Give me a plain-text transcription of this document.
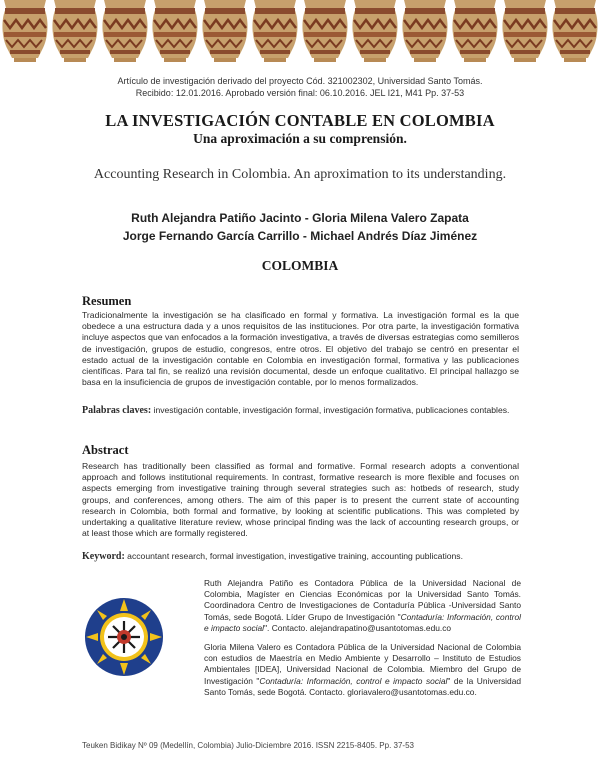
Artículo de investigación derivado del proyecto Cód. 321002302, Universidad Santo Tomás.
Recibido: 12.01.2016. Aprobado versión final: 06.10.2016. JEL I21, M41 Pp. 37-53
LA INVESTIGACIÓN CONTABLE EN COLOMBIA
Una aproximación a su comprensión.
Accounting Research in Colombia. An aproximation to its understanding.
Ruth Alejandra Patiño Jacinto - Gloria Milena Valero Zapata
Jorge Fernando García Carrillo - Michael Andrés Díaz Jiménez
COLOMBIA
Resumen
Tradicionalmente la investigación se ha clasificado en formal y formativa. La investigación formal es la que obedece a una estructura dada y a unos requisitos de las instituciones. Por otra parte, la investigación formativa incluye aspectos que van enfocados a la formación investigativa, a través de diversas estrategias como semilleros de investigación, grupos de estudio, congresos, entre otros. El objetivo del trabajo se centró en presentar el estado actual de la investigación contable en Colombia en investigación formal, formativa y las publicaciones científicas. Para tal fin, se realizó una revisión documental, desde un enfoque cualitativo. El principal hallazgo se basa en la insuficiencia de grupos de investigación contable, por lo menos formalizados.
Palabras claves: investigación contable, investigación formal, investigación formativa, publicaciones contables.
Abstract
Research has traditionally been classified as formal and formative. Formal research adopts a conventional approach and follows institutional requirements. In contrast, formative research is more flexible and focuses on aspects emerging from investigative training through several strategies such as: hotbeds of research, study groups, and conferences, among others. The aim of this paper is to present the current state of accounting research in Colombia, both formal and formative, by looking at scientific publications. This was completed by undertaking a qualitative literature review, whose principal finding was the lack of accounting research groups, or at least those which are formally registered.
Keyword: accountant research, formal investigation, investigative training, accounting publications.
Ruth Alejandra Patiño es Contadora Pública de la Universidad Nacional de Colombia, Magíster en Ciencias Económicas por la Universidad Santo Tomás. Coordinadora Centro de Investigaciones de Contaduría Pública -Universidad Santo Tomás, sede Bogotá. Líder Grupo de Investigación "Contaduría: Información, control e impacto social". Contacto. alejandrapatino@usantotomas.edu.co
Gloria Milena Valero es Contadora Pública de la Universidad Nacional de Colombia con estudios de Maestría en Medio Ambiente y Desarrollo – Instituto de Estudios Ambientales [IDEA], Universidad Nacional de Colombia. Miembro del Grupo de Investigación "Contaduría: Información, control e impacto social" de la Universidad Santo Tomás, sede Bogotá. Contacto. gloriavalero@usantotomas.edu.co.
Teuken Bidikay Nº 09 (Medellín, Colombia) Julio-Diciembre 2016. ISSN 2215-8405. Pp. 37-53
